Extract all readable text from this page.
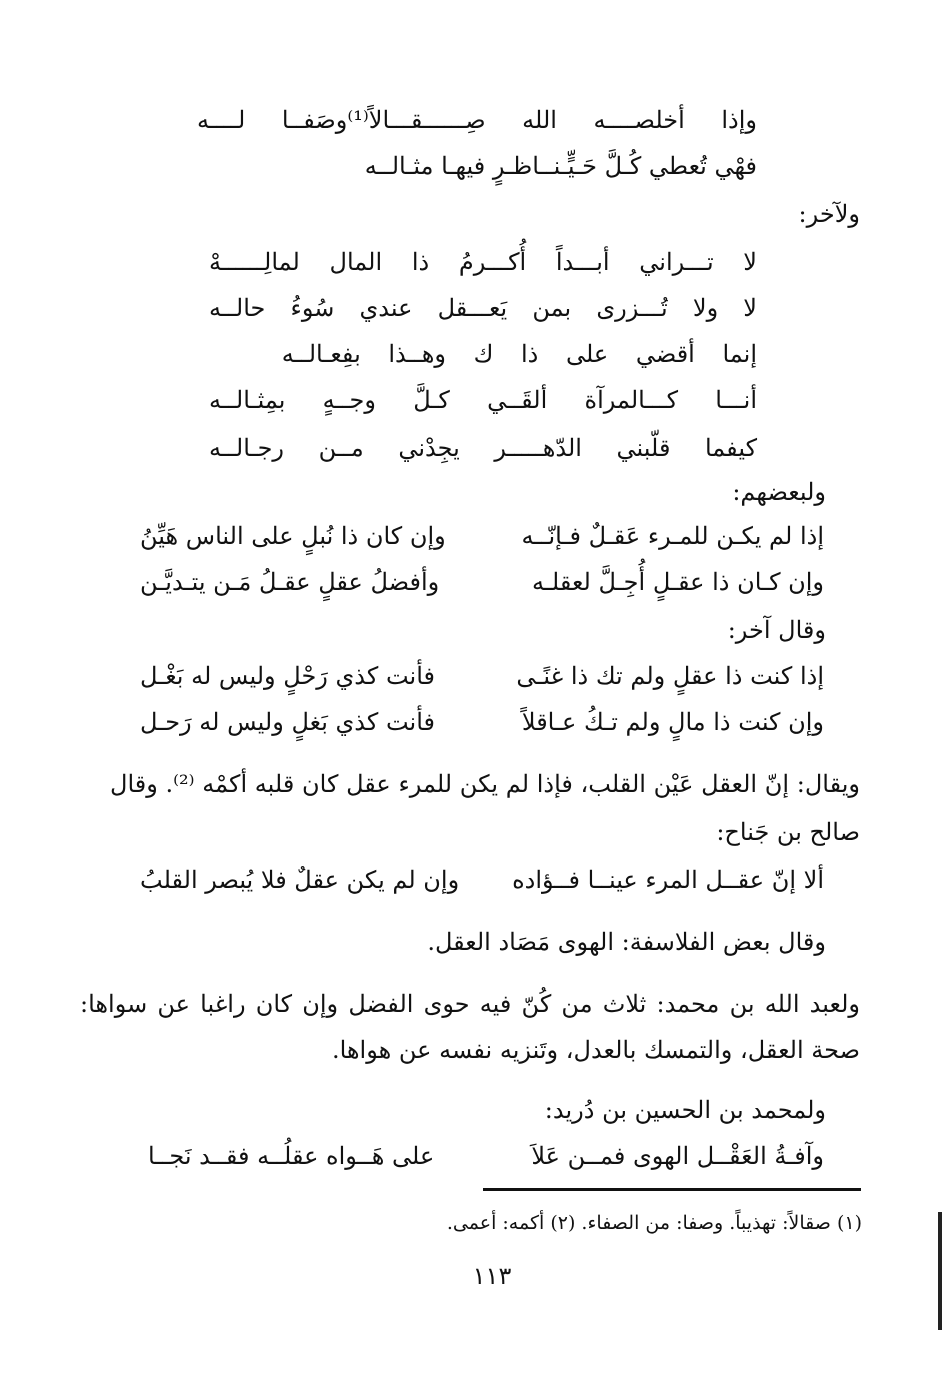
وإذا أخلصــــه الله صِــــــقـــالاً⁽¹⁾وصَفــا لــــه
فهْي تُعطي كُـلَّ حَـيٍّـنــاظـرٍ فيهـا مثـالــه
ولآخر:
لا تـــراني أبـــداً أُكـــرمُ ذا المال لمالِــــــهْ
لا ولا تُـــزرى بمن يَعـــقل عندي سُوءُ حالــه
إنما أقضي على ذا ك وهــذا بفِعـالــه
أنـــا كـــالمرآة ألقَــي كـلَّ وجــهٍ بمِثـالــه
كيفما قلّبني الدّهـــــر يجِدْني مــن رجـالــه
ولبعضهم:
إذا لم يكـن للمـرء عَقـلٌ فـإنّــه
وإن كان ذا نُبلٍ على الناس هَيِّنُ
وإن كـان ذا عقـلٍ أُجِـلَّ لعقلـه
وأفضلُ عقلٍ عقـلُ مَـن يتـديَّـن
وقال آخر:
إذا كنت ذا عقلٍ ولم تك ذا غنًـى
فأنت كذي رَحْلٍ وليس له بَغْـل
وإن كنت ذا مالٍ ولم تـكُ عـاقلاً
فأنت كذي بَغلٍ وليس له رَحـل
ويقال: إنّ العقل عَيْن القلب، فإذا لم يكن للمرء عقل كان قلبه أكمْه ⁽²⁾. وقال
صالح بن جَناح:
ألا إنّ عقــل المرء عينــا فــؤاده
وإن لم يكن عقلٌ فلا يُبصر القلبُ
وقال بعض الفلاسفة: الهوى مَصَاد العقل.
ولعبد الله بن محمد: ثلاث من كُنّ فيه حوى الفضل وإن كان راغبا عن سواها:
صحة العقل، والتمسك بالعدل، وتَنزيه نفسه عن هواها.
ولمحمد بن الحسين بن دُريد:
وآفـةُ العَقْــل الهوى فمــن عَلاَ
على هَــواه عقلُــه فقــد نَجــا
(١) صقالاً: تهذيباً. وصفا: من الصفاء. (٢) أكمه: أعمى.
١١٣
